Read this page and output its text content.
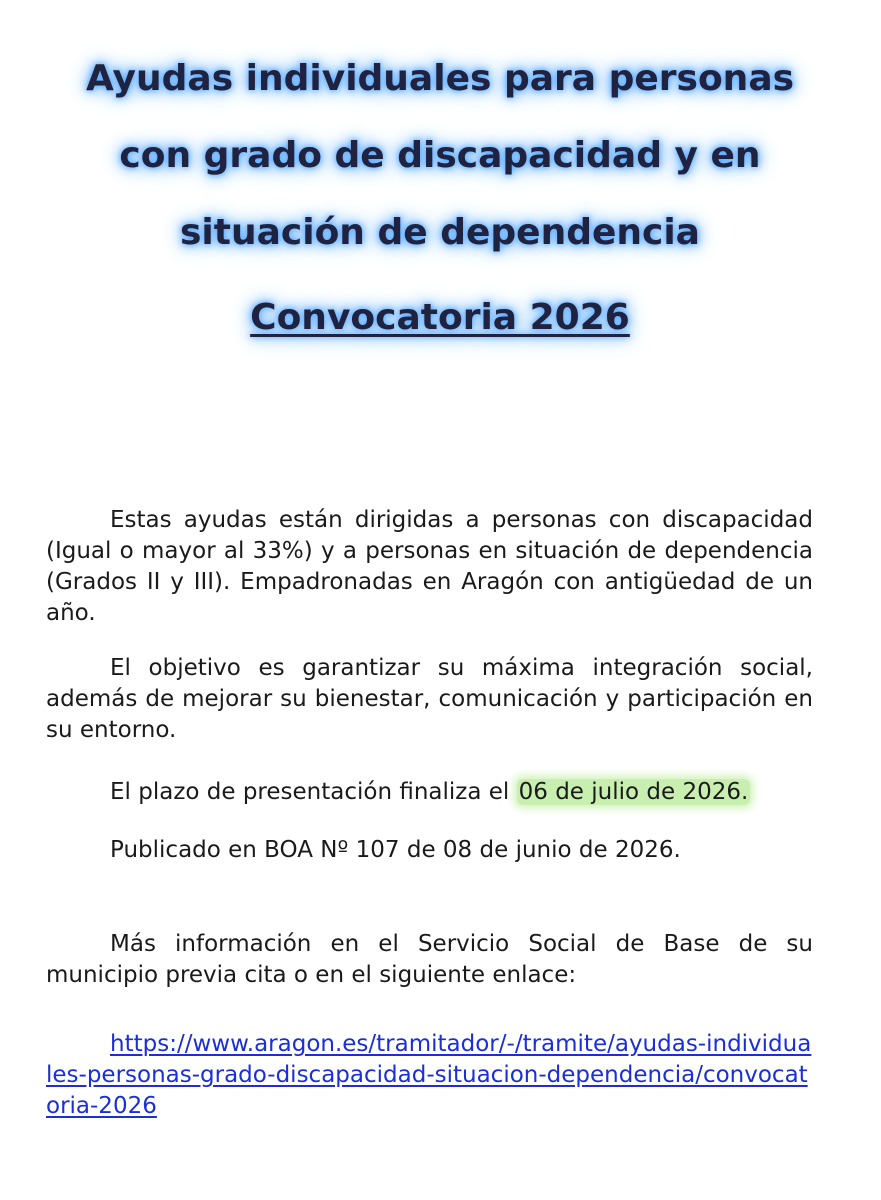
Ayudas individuales para personas
con grado de discapacidad y en
situación de dependencia
Convocatoria 2026

Estas ayudas están dirigidas a personas con discapacidad (Igual o mayor al 33%) y a personas en situación de dependencia (Grados II y III). Empadronadas en Aragón con antigüedad de un año.

El objetivo es garantizar su máxima integración social, además de mejorar su bienestar, comunicación y participación en su entorno.

El plazo de presentación finaliza el 06 de julio de 2026.

Publicado en BOA Nº 107 de 08 de junio de 2026.

Más información en el Servicio Social de Base de su municipio previa cita o en el siguiente enlace:

https://www.aragon.es/tramitador/-/tramite/ayudas-individuales-personas-grado-discapacidad-situacion-dependencia/convocatoria-2026
